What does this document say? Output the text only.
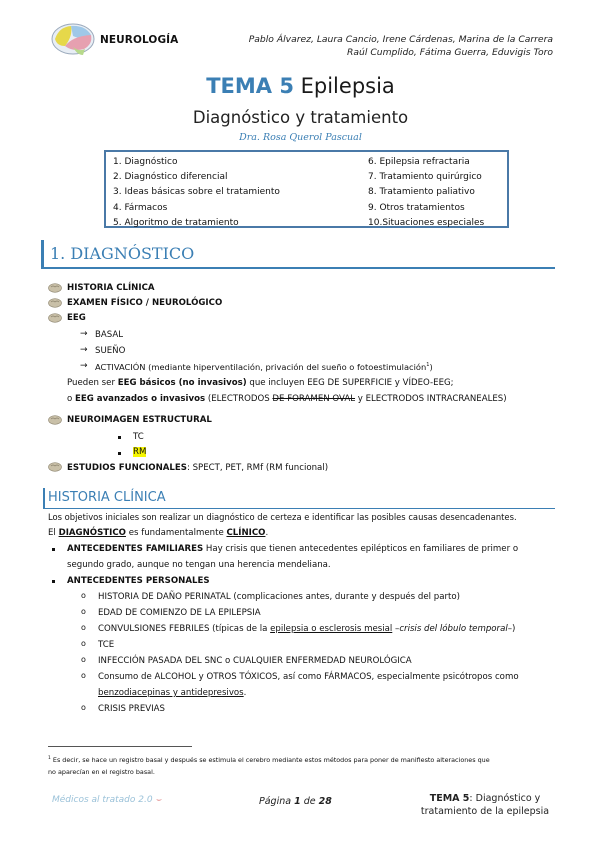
NEUROLOGÍA	Pablo Álvarez, Laura Cancio, Irene Cárdenas, Marina de la Carrera
Raúl Cumplido, Fátima Guerra, Eduvigis Toro
TEMA 5 Epilepsia
Diagnóstico y tratamiento
Dra. Rosa Querol Pascual
1. Diagnóstico
2. Diagnóstico diferencial
3. Ideas básicas sobre el tratamiento
4. Fármacos
5. Algoritmo de tratamiento
6. Epilepsia refractaria
7. Tratamiento quirúrgico
8. Tratamiento paliativo
9. Otros tratamientos
10.Situaciones especiales
1. DIAGNÓSTICO
HISTORIA CLÍNICA
EXAMEN FÍSICO / NEUROLÓGICO
EEG
→ BASAL
→ SUEÑO
→ ACTIVACIÓN (mediante hiperventilación, privación del sueño o fotoestimulación$^1$)
Pueden ser EEG básicos (no invasivos) que incluyen EEG DE SUPERFICIE y VÍDEO-EEG;
o EEG avanzados o invasivos (ELECTRODOS DE FORAMEN OVAL y ELECTRODOS INTRACRANEALES)
NEUROIMAGEN ESTRUCTURAL
TC
RM
ESTUDIOS FUNCIONALES: SPECT, PET, RMf (RM funcional)
HISTORIA CLÍNICA
Los objetivos iniciales son realizar un diagnóstico de certeza e identificar las posibles causas desencadenantes.
El DIAGNÓSTICO es fundamentalmente CLÍNICO.
ANTECEDENTES FAMILIARES Hay crisis que tienen antecedentes epilépticos en familiares de primer o
segundo grado, aunque no tengan una herencia mendeliana.
ANTECEDENTES PERSONALES
o HISTORIA DE DAÑO PERINATAL (complicaciones antes, durante y después del parto)
o EDAD DE COMIENZO DE LA EPILEPSIA
o CONVULSIONES FEBRILES (típicas de la epilepsia o esclerosis mesial –crisis del lóbulo temporal–)
o TCE
o INFECCIÓN PASADA DEL SNC o CUALQUIER ENFERMEDAD NEUROLÓGICA
o Consumo de ALCOHOL y OTROS TÓXICOS, así como FÁRMACOS, especialmente psicótropos como
benzodiacepinas y antidepresivos.
o CRISIS PREVIAS
$^1$ Es decir, se hace un registro basal y después se estimula el cerebro mediante estos métodos para poner de manifiesto alteraciones que
no aparecían en el registro basal.
Médicos al tratado 2.0 ⌣	Página 1 de 28	TEMA 5: Diagnóstico y
tratamiento de la epilepsia
